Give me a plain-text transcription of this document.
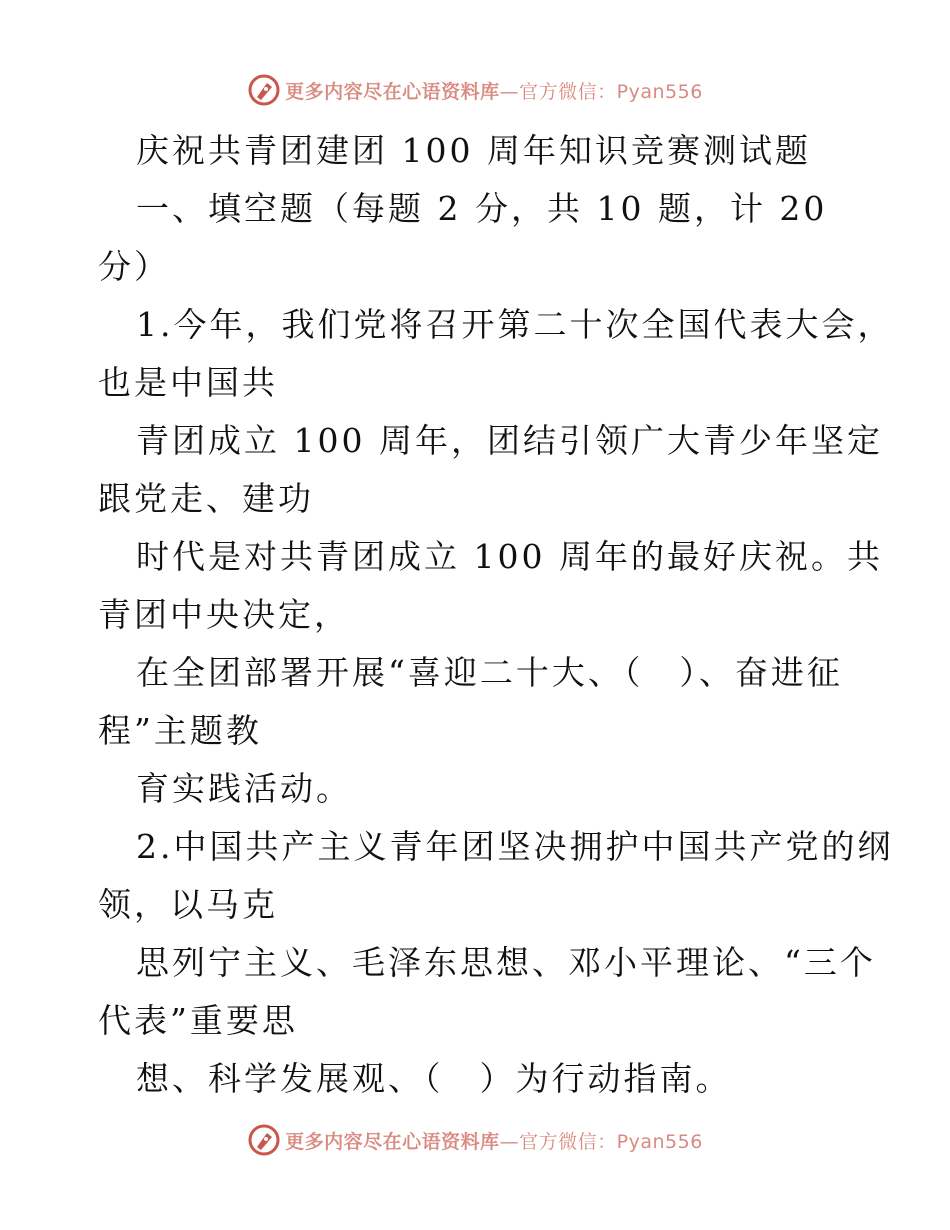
更多内容尽在心语资料库—官方微信：Pyan556
庆祝共青团建团 100 周年知识竞赛测试题
一、填空题（每题 2 分，共 10 题，计 20
分）
1.今年，我们党将召开第二十次全国代表大会，
也是中国共
青团成立 100 周年，团结引领广大青少年坚定
跟党走、建功
时代是对共青团成立 100 周年的最好庆祝。共
青团中央决定，
在全团部署开展“喜迎二十大、（　）、奋进征
程”主题教
育实践活动。
2.中国共产主义青年团坚决拥护中国共产党的纲
领，以马克
思列宁主义、毛泽东思想、邓小平理论、“三个
代表”重要思
想、科学发展观、（　）为行动指南。
更多内容尽在心语资料库—官方微信：Pyan556
